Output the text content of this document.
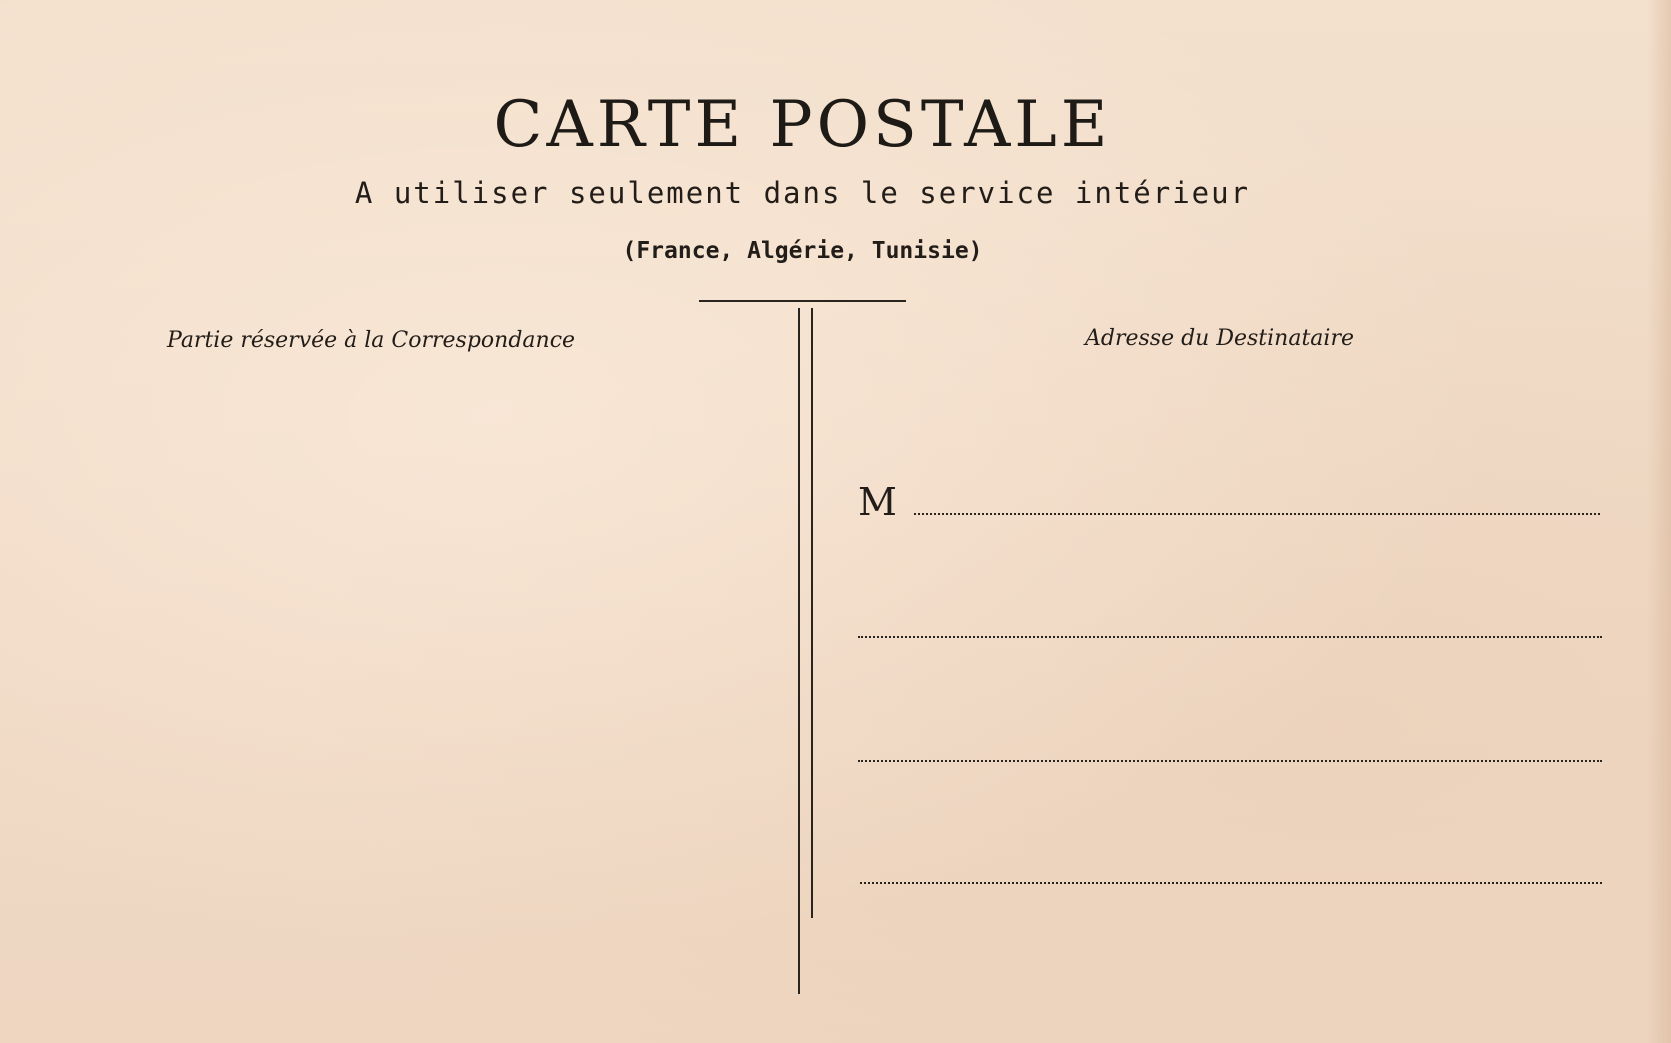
CARTE POSTALE
A utiliser seulement dans le service intérieur
(France, Algérie, Tunisie)
Partie réservée à la Correspondance	Adresse du Destinataire
M
